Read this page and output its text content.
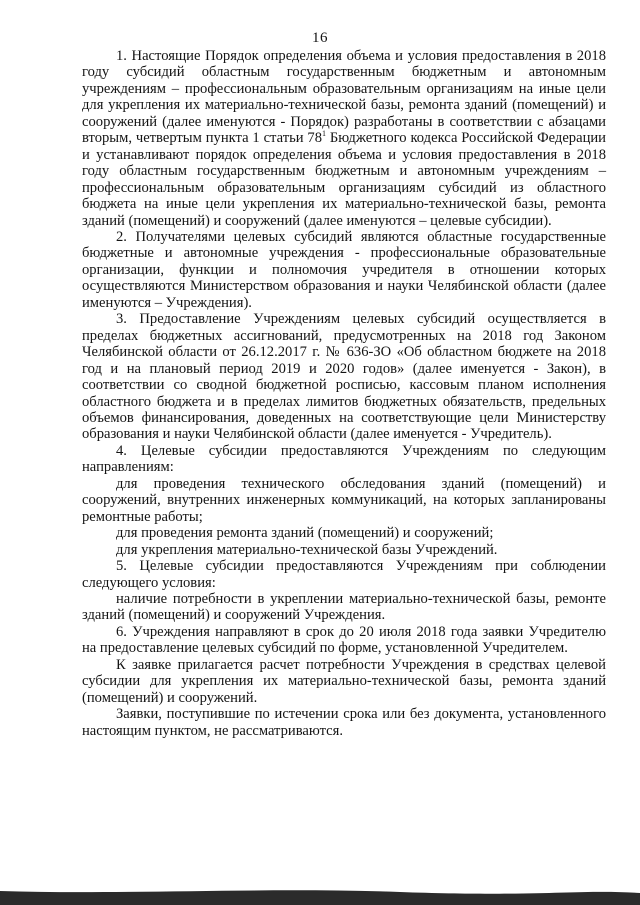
16

1. Настоящие Порядок определения объема и условия предоставления в 2018 году субсидий областным государственным бюджетным и автономным учреждениям – профессиональным образовательным организациям на иные цели для укрепления их материально-технической базы, ремонта зданий (помещений) и сооружений (далее именуются - Порядок) разработаны в соответствии с абзацами вторым, четвертым пункта 1 статьи $78^1$ Бюджетного кодекса Российской Федерации и устанавливают порядок определения объема и условия предоставления в 2018 году областным государственным бюджетным и автономным учреждениям – профессиональным образовательным организациям субсидий из областного бюджета на иные цели укрепления их материально-технической базы, ремонта зданий (помещений) и сооружений (далее именуются – целевые субсидии).

2. Получателями целевых субсидий являются областные государственные бюджетные и автономные учреждения - профессиональные образовательные организации, функции и полномочия учредителя в отношении которых осуществляются Министерством образования и науки Челябинской области (далее именуются – Учреждения).

3. Предоставление Учреждениям целевых субсидий осуществляется в пределах бюджетных ассигнований, предусмотренных на 2018 год Законом Челябинской области от 26.12.2017 г. № 636-ЗО «Об областном бюджете на 2018 год и на плановый период 2019 и 2020 годов» (далее именуется - Закон), в соответствии со сводной бюджетной росписью, кассовым планом исполнения областного бюджета и в пределах лимитов бюджетных обязательств, предельных объемов финансирования, доведенных на соответствующие цели Министерству образования и науки Челябинской области (далее именуется - Учредитель).

4. Целевые субсидии предоставляются Учреждениям по следующим направлениям:

для проведения технического обследования зданий (помещений) и сооружений, внутренних инженерных коммуникаций, на которых запланированы ремонтные работы;

для проведения ремонта зданий (помещений) и сооружений;

для укрепления материально-технической базы Учреждений.

5. Целевые субсидии предоставляются Учреждениям при соблюдении следующего условия:

наличие потребности в укреплении материально-технической базы, ремонте зданий (помещений) и сооружений Учреждения.

6. Учреждения направляют в срок до 20 июля 2018 года заявки Учредителю на предоставление целевых субсидий по форме, установленной Учредителем.

К заявке прилагается расчет потребности Учреждения в средствах целевой субсидии для укрепления их материально-технической базы, ремонта зданий (помещений) и сооружений.

Заявки, поступившие по истечении срока или без документа, установленного настоящим пунктом, не рассматриваются.
